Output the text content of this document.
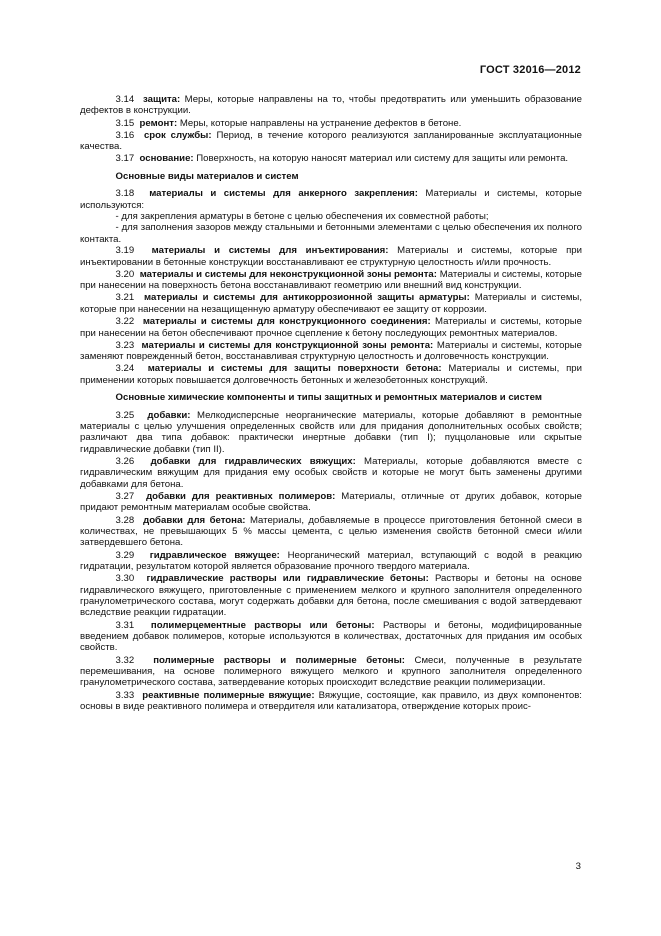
ГОСТ 32016—2012

3.14 защита: Меры, которые направлены на то, чтобы предотвратить или уменьшить образование дефектов в конструкции.

3.15 ремонт: Меры, которые направлены на устранение дефектов в бетоне.

3.16 срок службы: Период, в течение которого реализуются запланированные эксплуатационные качества.

3.17 основание: Поверхность, на которую наносят материал или систему для защиты или ремонта.

Основные виды материалов и систем

3.18 материалы и системы для анкерного закрепления: Материалы и системы, которые используются:

- для закрепления арматуры в бетоне с целью обеспечения их совместной работы;

- для заполнения зазоров между стальными и бетонными элементами с целью обеспечения их полного контакта.

3.19 материалы и системы для инъектирования: Материалы и системы, которые при инъектировании в бетонные конструкции восстанавливают ее структурную целостность и/или прочность.

3.20 материалы и системы для неконструкционной зоны ремонта: Материалы и системы, которые при нанесении на поверхность бетона восстанавливают геометрию или внешний вид конструкции.

3.21 материалы и системы для антикоррозионной защиты арматуры: Материалы и системы, которые при нанесении на незащищенную арматуру обеспечивают ее защиту от коррозии.

3.22 материалы и системы для конструкционного соединения: Материалы и системы, которые при нанесении на бетон обеспечивают прочное сцепление к бетону последующих ремонтных материалов.

3.23 материалы и системы для конструкционной зоны ремонта: Материалы и системы, которые заменяют поврежденный бетон, восстанавливая структурную целостность и долговечность конструкции.

3.24 материалы и системы для защиты поверхности бетона: Материалы и системы, при применении которых повышается долговечность бетонных и железобетонных конструкций.

Основные химические компоненты и типы защитных и ремонтных материалов и систем

3.25 добавки: Мелкодисперсные неорганические материалы, которые добавляют в ремонтные материалы с целью улучшения определенных свойств или для придания дополнительных особых свойств; различают два типа добавок: практически инертные добавки (тип I); пуццолановые или скрытые гидравлические добавки (тип II).

3.26 добавки для гидравлических вяжущих: Материалы, которые добавляются вместе с гидравлическим вяжущим для придания ему особых свойств и которые не могут быть заменены другими добавками для бетона.

3.27 добавки для реактивных полимеров: Материалы, отличные от других добавок, которые придают ремонтным материалам особые свойства.

3.28 добавки для бетона: Материалы, добавляемые в процессе приготовления бетонной смеси в количествах, не превышающих 5 % массы цемента, с целью изменения свойств бетонной смеси и/или затвердевшего бетона.

3.29 гидравлическое вяжущее: Неорганический материал, вступающий с водой в реакцию гидратации, результатом которой является образование прочного твердого материала.

3.30 гидравлические растворы или гидравлические бетоны: Растворы и бетоны на основе гидравлического вяжущего, приготовленные с применением мелкого и крупного заполнителя определенного гранулометрического состава, могут содержать добавки для бетона, после смешивания с водой затвердевают вследствие реакции гидратации.

3.31 полимерцементные растворы или бетоны: Растворы и бетоны, модифицированные введением добавок полимеров, которые используются в количествах, достаточных для придания им особых свойств.

3.32 полимерные растворы и полимерные бетоны: Смеси, полученные в результате перемешивания, на основе полимерного вяжущего мелкого и крупного заполнителя определенного гранулометрического состава, затвердевание которых происходит вследствие реакции полимеризации.

3.33 реактивные полимерные вяжущие: Вяжущие, состоящие, как правило, из двух компонентов: основы в виде реактивного полимера и отвердителя или катализатора, отверждение которых проис-

3
